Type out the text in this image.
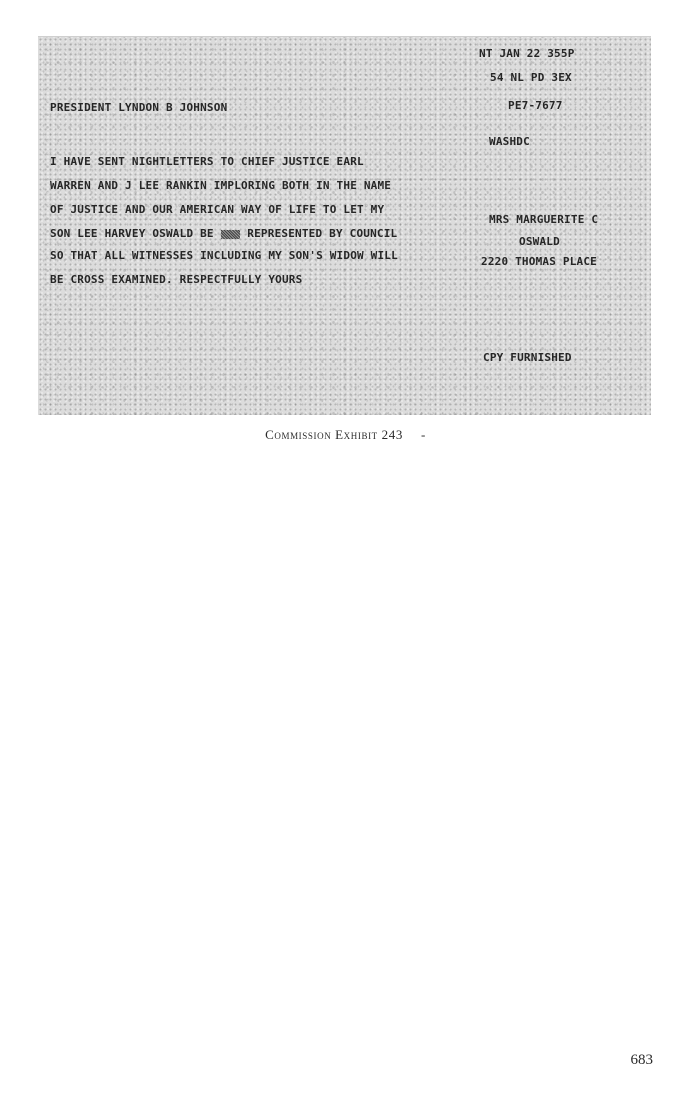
NT JAN 22 355P
54 NL PD 3EX
PE7-7677
WASHDC
PRESIDENT LYNDON B JOHNSON
I HAVE SENT NIGHTLETTERS TO CHIEF JUSTICE EARL
WARREN AND J LEE RANKIN IMPLORING BOTH IN THE NAME
OF JUSTICE AND OUR AMERICAN WAY OF LIFE TO LET MY
SON LEE HARVEY OSWALD BE	REPRESENTED BY COUNCIL
SO THAT ALL WITNESSES INCLUDING MY SON'S WIDOW WILL
BE CROSS EXAMINED. RESPECTFULLY YOURS
MRS MARGUERITE C
OSWALD
2220 THOMAS PLACE
CPY FURNISHED
Commission Exhibit 243 -
683
